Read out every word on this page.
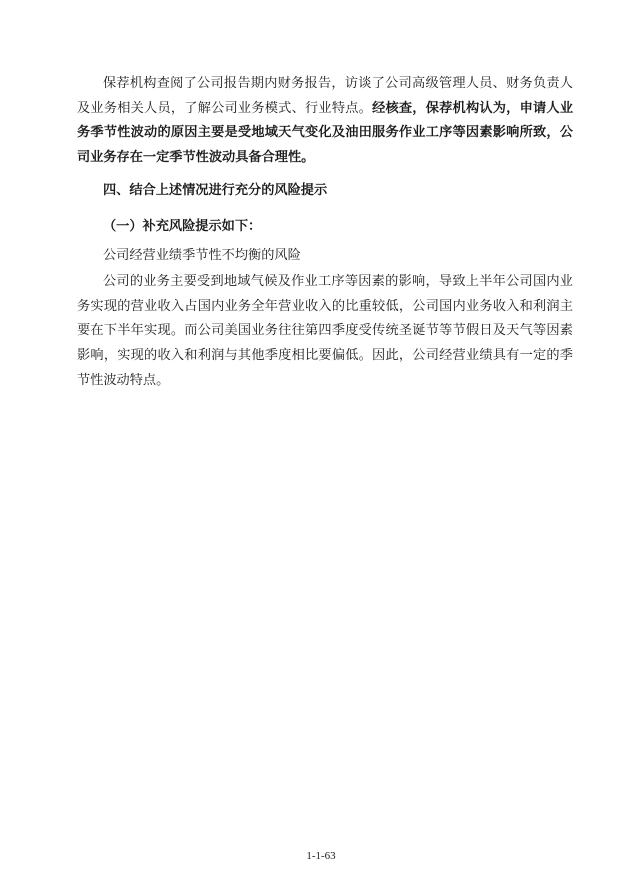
保荐机构查阅了公司报告期内财务报告，访谈了公司高级管理人员、财务负责人及业务相关人员，了解公司业务模式、行业特点。经核查，保荐机构认为，申请人业务季节性波动的原因主要是受地域天气变化及油田服务作业工序等因素影响所致，公司业务存在一定季节性波动具备合理性。

四、结合上述情况进行充分的风险提示
（一）补充风险提示如下：
公司经营业绩季节性不均衡的风险

公司的业务主要受到地域气候及作业工序等因素的影响，导致上半年公司国内业务实现的营业收入占国内业务全年营业收入的比重较低，公司国内业务收入和利润主要在下半年实现。而公司美国业务往往第四季度受传统圣诞节等节假日及天气等因素影响，实现的收入和利润与其他季度相比要偏低。因此，公司经营业绩具有一定的季节性波动特点。

1-1-63
